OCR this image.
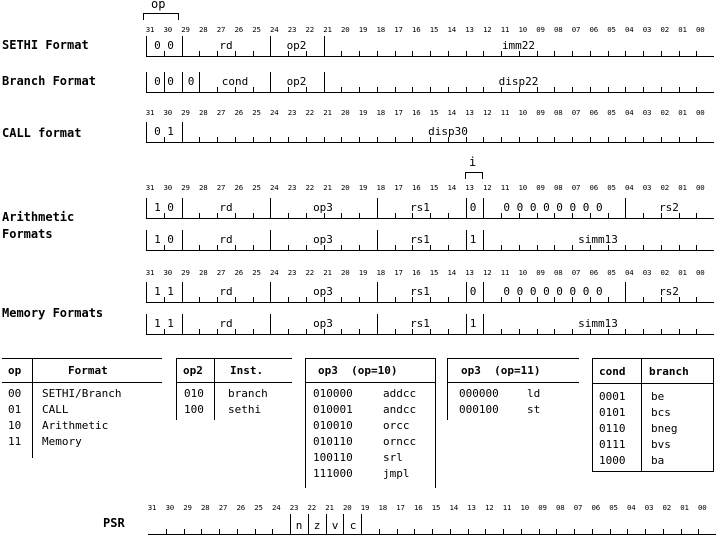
op
31	30	29	28	27	26	25	24	23	22	21	20	19	18	17	16	15	14	13	12	11	10	09	08	07	06	05	04	03	02	01	00
SETHI Format	0 0	rd	op2	imm22
Branch Format	0 0	0	cond	op2	disp22
31	30	29	28	27	26	25	24	23	22	21	20	19	18	17	16	15	14	13	12	11	10	09	08	07	06	05	04	03	02	01	00
CALL format	0 1	disp30
i
31	30	29	28	27	26	25	24	23	22	21	20	19	18	17	16	15	14	13	12	11	10	09	08	07	06	05	04	03	02	01	00
Arithmetic
Formats
1 0	rd	op3	rs1	0	0 0 0 0 0 0 0 0	rs2
1 0	rd	op3	rs1	1	simm13
31	30	29	28	27	26	25	24	23	22	21	20	19	18	17	16	15	14	13	12	11	10	09	08	07	06	05	04	03	02	01	00
Memory Formats
1 1	rd	op3	rs1	0	0 0 0 0 0 0 0 0	rs2
1 1	rd	op3	rs1	1	simm13
op	Format
00 SETHI/Branch
01 CALL
10 Arithmetic
11 Memory
op2 Inst.
010 branch
100 sethi
op3  (op=10)
010000	addcc
010001	andcc
010010	orcc
010110	orncc
100110	srl
111000	jmpl
op3  (op=11)
000000	ld
000100	st
cond branch
0001 be
0101 bcs
0110 bneg
0111 bvs
1000 ba
31	30	29	28	27	26	25	24	23	22	21	20	19	18	17	16	15	14	13	12	11	10	09	08	07	06	05	04	03	02	01	00
PSR	n	z	v	c
